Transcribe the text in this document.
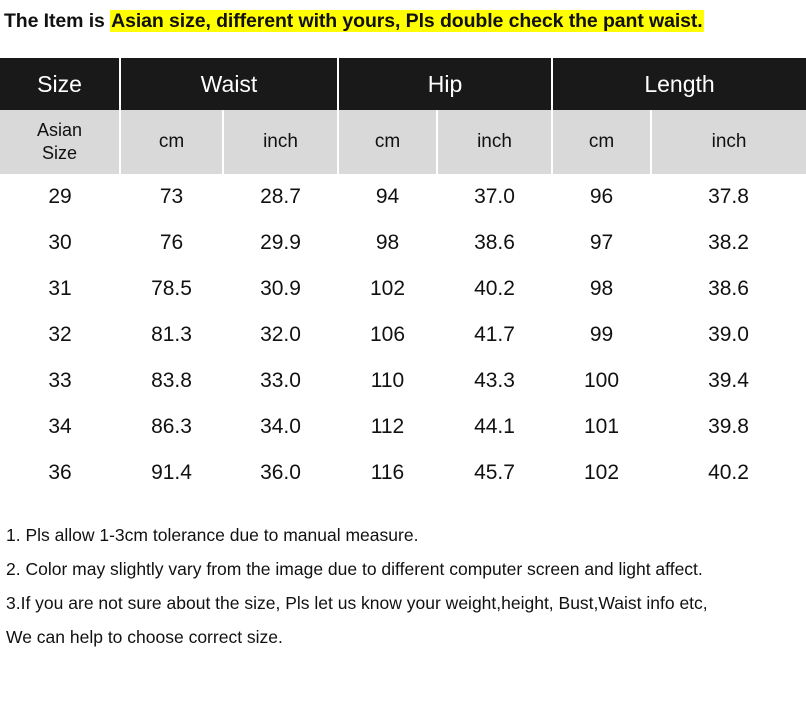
The Item is Asian size, different with yours, Pls double check the pant waist.
Size	Waist		Hip		Length	

Asian
Size	cm	inch	cm	inch	cm	inch
29	73	28.7	94	37.0	96	37.8
30	76	29.9	98	38.6	97	38.2
31	78.5	30.9	102	40.2	98	38.6
32	81.3	32.0	106	41.7	99	39.0
33	83.8	33.0	110	43.3	100	39.4
34	86.3	34.0	112	44.1	101	39.8
36	91.4	36.0	116	45.7	102	40.2

1. Pls allow 1-3cm tolerance due to manual measure.

2. Color may slightly vary from the image due to different computer screen and light affect.

3.If you are not sure about the size, Pls let us know your weight,height, Bust,Waist info etc,

We can help to choose correct size.
